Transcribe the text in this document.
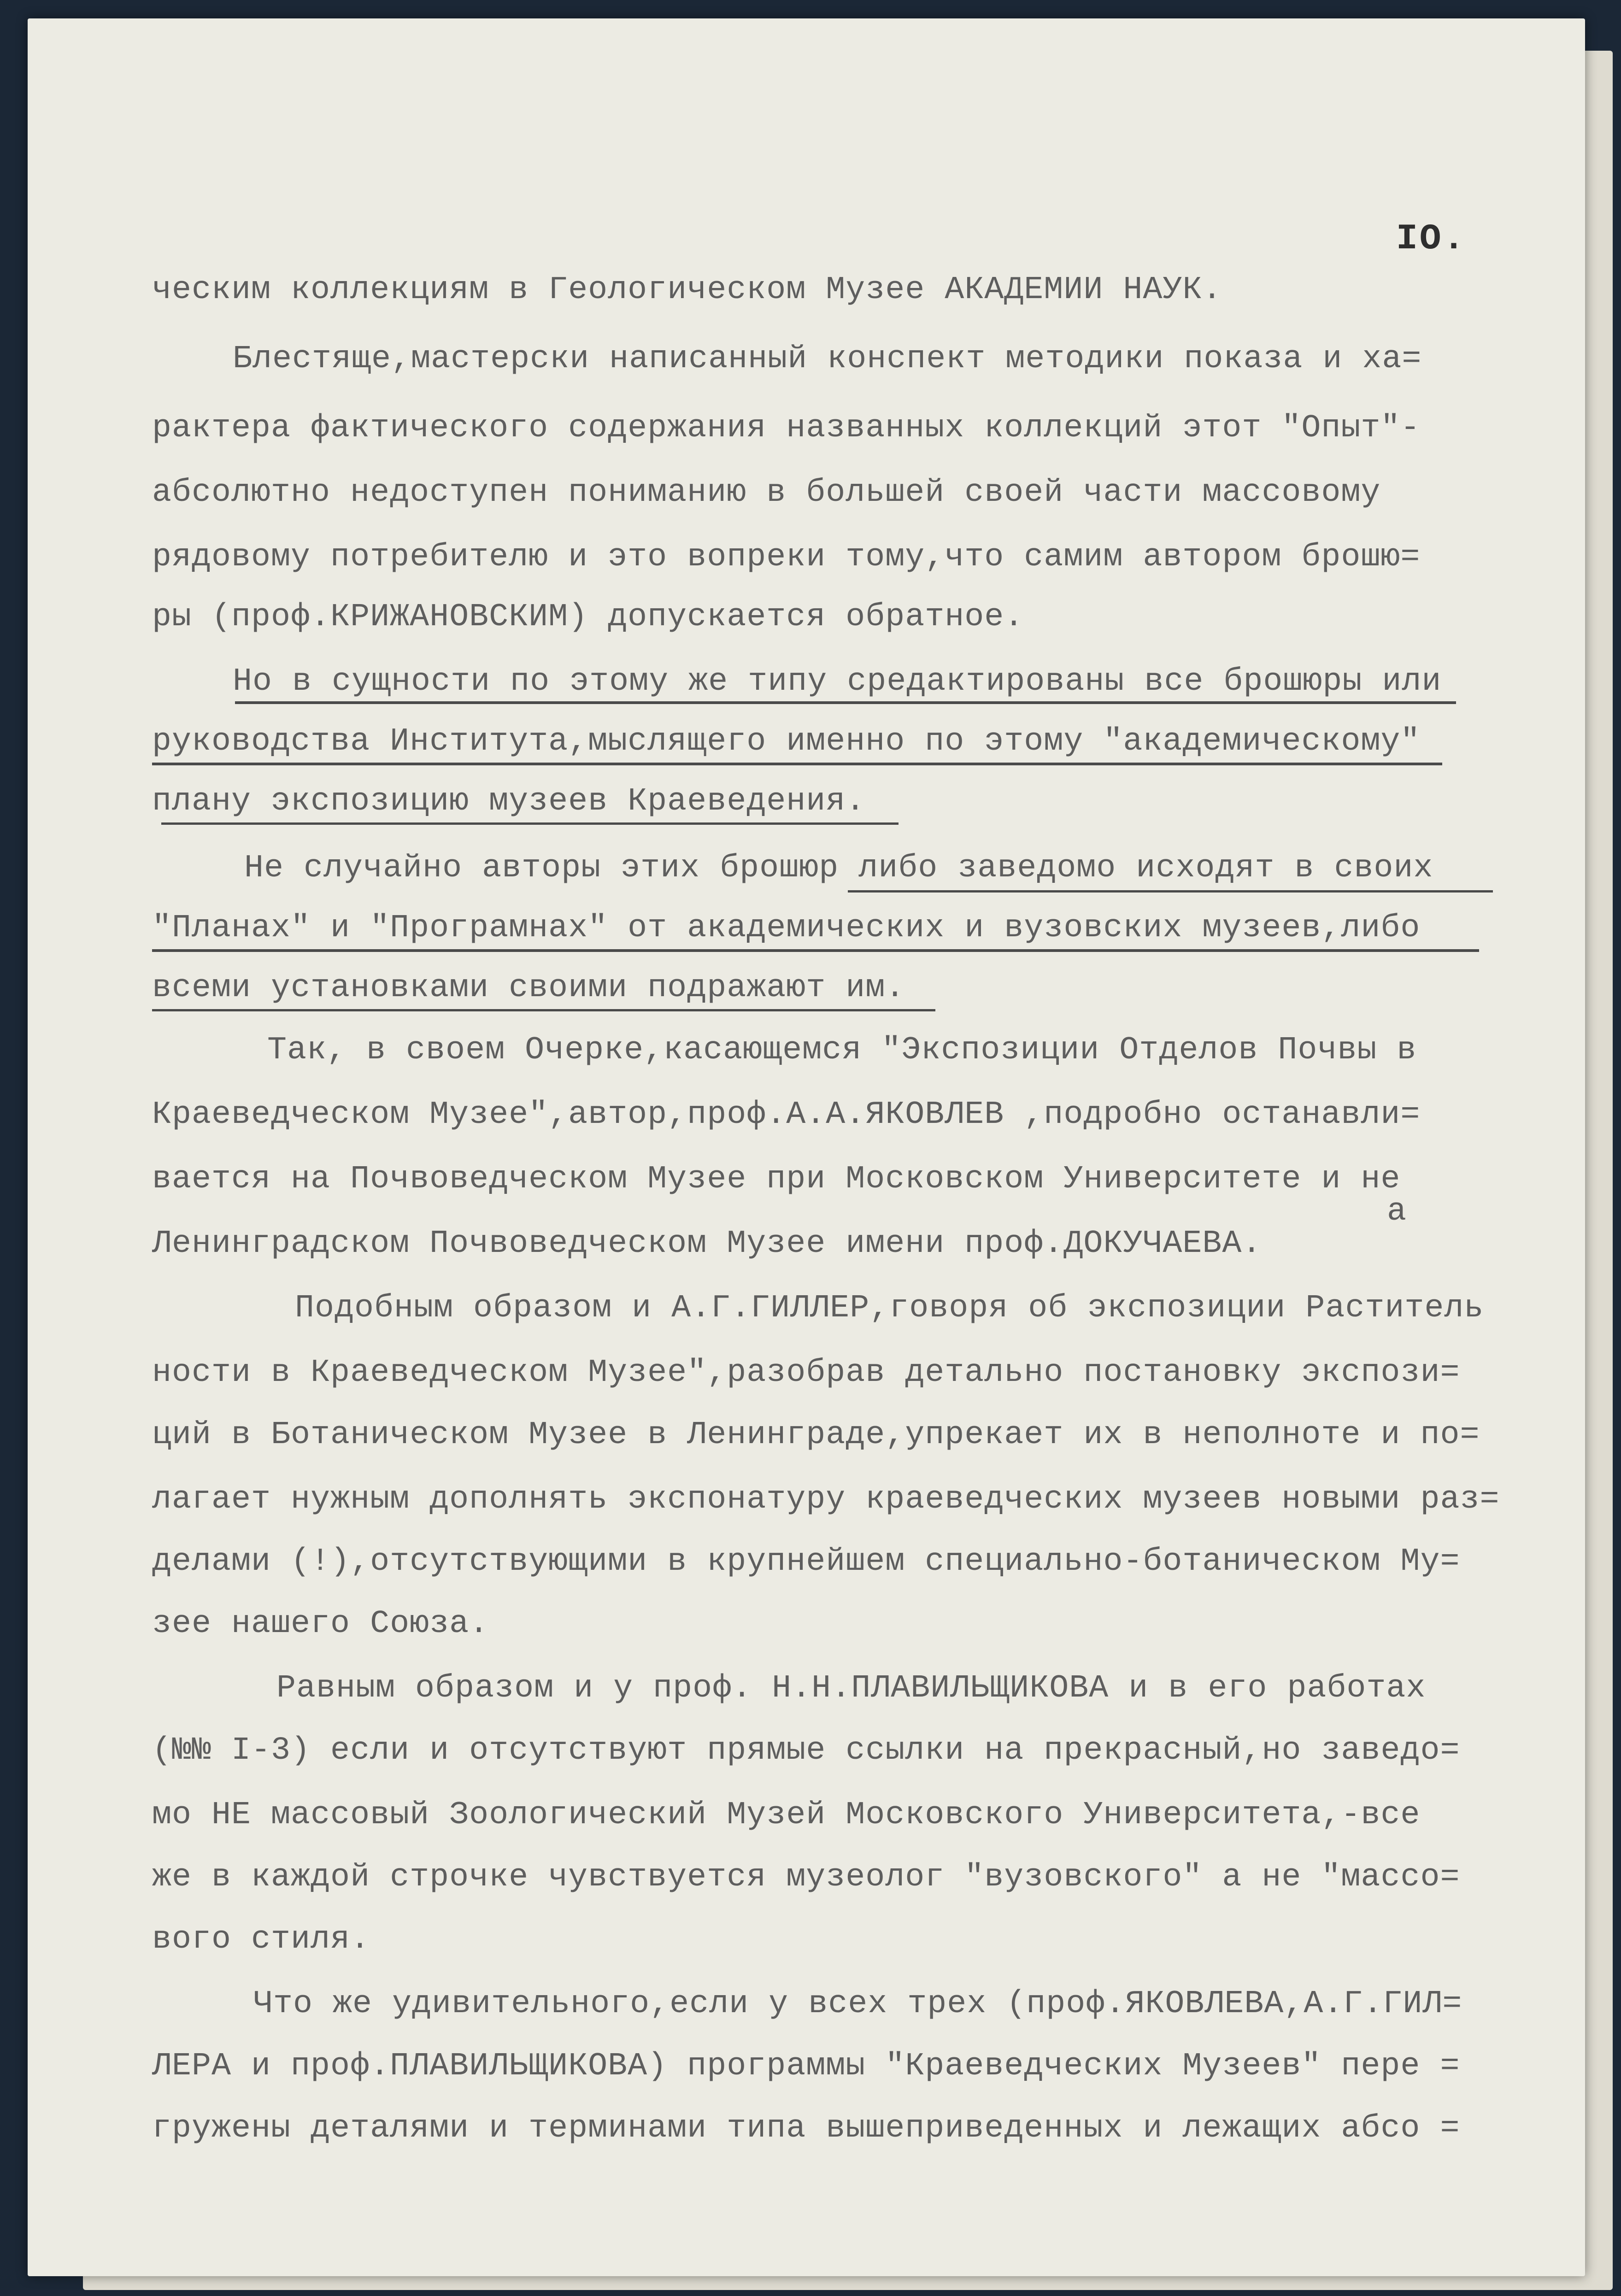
IO.
ческим коллекциям в Геологическом Музее АКАДЕМИИ НАУК.
Блестяще,мастерски написанный конспект методики показа и ха=
рактера фактического содержания названных коллекций этот "Опыт"-
абсолютно недоступен пониманию в большей своей части массовому
рядовому потребителю и это вопреки тому,что самим автором брошю=
ры (проф.КРИЖАНОВСКИМ) допускается обратное.
Но в сущности по этому же типу средактированы все брошюры или
руководства Института,мыслящего именно по этому "академическому"
плану экспозицию музеев Краеведения.
Не случайно авторы этих брошюр либо заведомо исходят в своих
"Планах" и "Програмнах" от академических и вузовских музеев,либо
всеми установками своими подражают им.
Так, в своем Очерке,касающемся "Экспозиции Отделов Почвы в
Краеведческом Музее",автор,проф.А.А.ЯКОВЛЕВ ,подробно останавли=
вается на Почвоведческом Музее при Московском Университете и не
а
Ленинградском Почвоведческом Музее имени проф.ДОКУЧАЕВА.
Подобным образом и А.Г.ГИЛЛЕР,говоря об экспозиции Раститель
ности в Краеведческом Музее",разобрав детально постановку экспози=
ций в Ботаническом Музее в Ленинграде,упрекает их в неполноте и по=
лагает нужным дополнять экспонатуру краеведческих музеев новыми раз=
делами (!),отсутствующими в крупнейшем специально-ботаническом Му=
зее нашего Союза.
Равным образом и у проф. Н.Н.ПЛАВИЛЬЩИКОВА и в его работах
(№№ I-3) если и отсутствуют прямые ссылки на прекрасный,но заведо=
мо НЕ массовый Зоологический Музей Московского Университета,-все
же в каждой строчке чувствуется музеолог "вузовского" а не "массо=
вого стиля.
Что же удивительного,если у всех трех (проф.ЯКОВЛЕВА,А.Г.ГИЛ=
ЛЕРА и проф.ПЛАВИЛЬЩИКОВА) программы "Краеведческих Музеев" пере =
гружены деталями и терминами типа вышеприведенных и лежащих абсо =
